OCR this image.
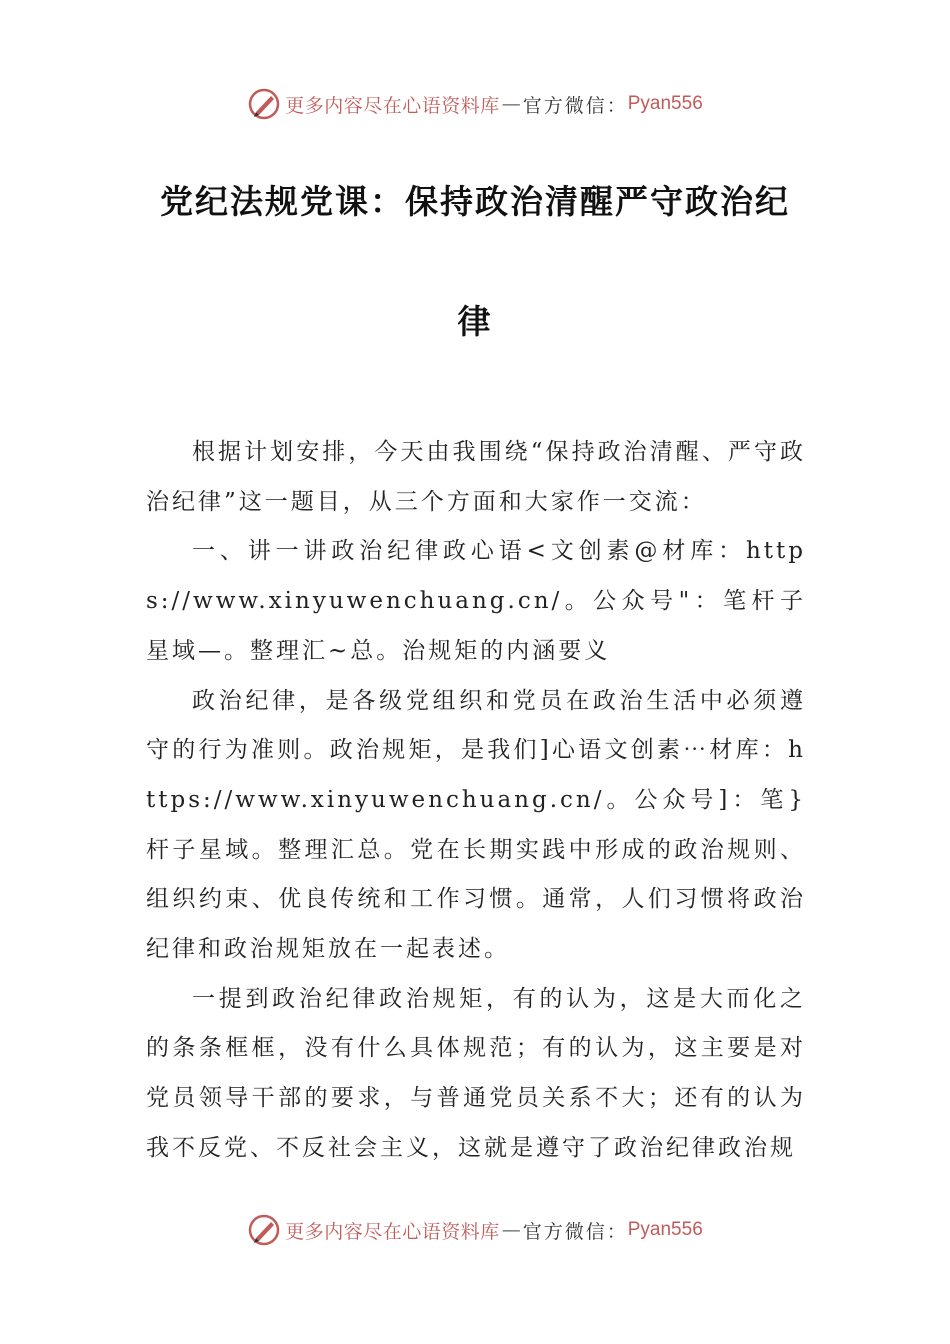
更多内容尽在心语资料库 — 官方微信： Pyan556
党纪法规党课：保持政治清醒严守政治纪
律

根据计划安排，今天由我围绕“保持政治清醒、严守政治纪律”这一题目，从三个方面和大家作一交流：

一、讲一讲政治纪律政心语<文创素@材库：https://www.xinyuwenchuang.cn/。公众号"：笔杆子星域—。整理汇~总。治规矩的内涵要义

政治纪律，是各级党组织和党员在政治生活中必须遵守的行为准则。政治规矩，是我们]心语文创素⋯材库：https://www.xinyuwenchuang.cn/。公众号]：笔}杆子星域。整理汇总。党在长期实践中形成的政治规则、组织约束、优良传统和工作习惯。通常，人们习惯将政治纪律和政治规矩放在一起表述。

一提到政治纪律政治规矩，有的认为，这是大而化之的条条框框，没有什么具体规范；有的认为，这主要是对党员领导干部的要求，与普通党员关系不大；还有的认为我不反党、不反社会主义，这就是遵守了政治纪律政治规

更多内容尽在心语资料库 — 官方微信： Pyan556
